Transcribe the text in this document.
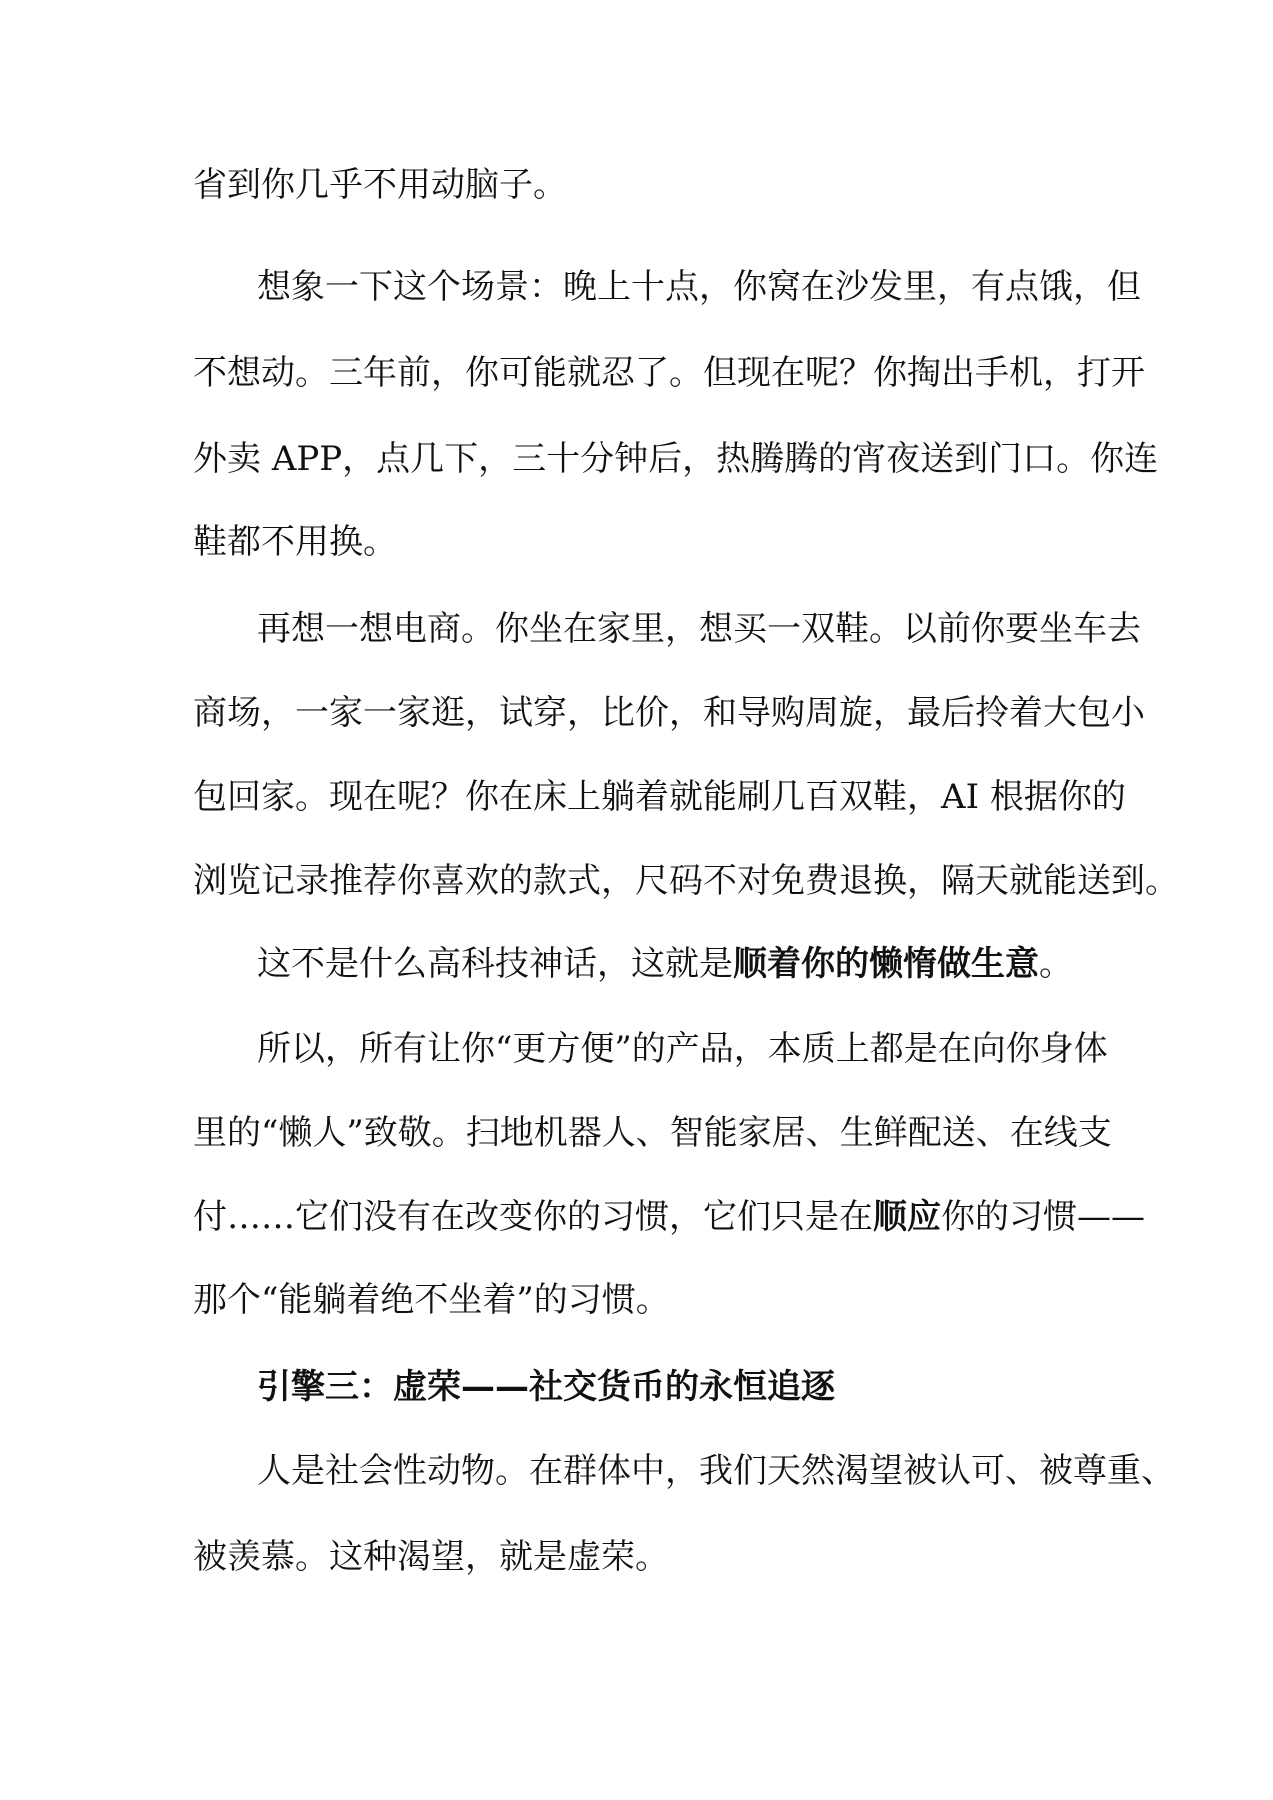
省到你几乎不用动脑子。
想 象 一 下 这 个 场 景 ： 晚 上 十 点 ， 你 窝 在 沙 发 里 ， 有 点 饿 ， 但
不 想 动 。 三 年 前 ， 你 可 能 就 忍 了 。 但 现 在 呢 ？ 你 掏 出 手 机 ， 打 开
外 卖
A P P ， 点 几 下 ， 三 十 分 钟 后 ， 热 腾 腾 的 宵 夜 送 到 门 口 。 你 连
鞋都不用换。
再 想 一 想 电 商 。 你 坐 在 家 里 ， 想 买 一 双 鞋 。 以 前 你 要 坐 车 去
商 场 ， 一 家 一 家 逛 ， 试 穿 ， 比 价 ， 和 导 购 周 旋 ， 最 后 拎 着 大 包 小
包 回 家 。 现 在 呢 ？ 你 在 床 上 躺 着 就 能 刷 几 百 双 鞋 ， A I
根 据 你 的
浏 览 记 录 推 荐 你 喜 欢 的 款 式 ， 尺 码 不 对 免 费 退 换 ， 隔 天 就 能 送 到 。
这不是什么高科技神话，这就是顺着你的懒惰做生意。
所 以 ， 所 有 让 你 “ 更 方 便 ” 的 产 品 ， 本 质 上 都 是 在 向 你 身 体
里 的 “ 懒 人 ” 致 敬 。 扫 地 机 器 人 、 智 能 家 居 、 生 鲜 配 送 、 在 线 支
付……它们没有在改变你的习惯，它们只是在顺应你的习惯——
那个“能躺着绝不坐着”的习惯。
引擎三：虚荣——社交货币的永恒追逐
人 是 社 会 性 动 物 。 在 群 体 中 ， 我 们 天 然 渴 望 被 认 可 、 被 尊 重 、
被羡慕。这种渴望，就是虚荣。
